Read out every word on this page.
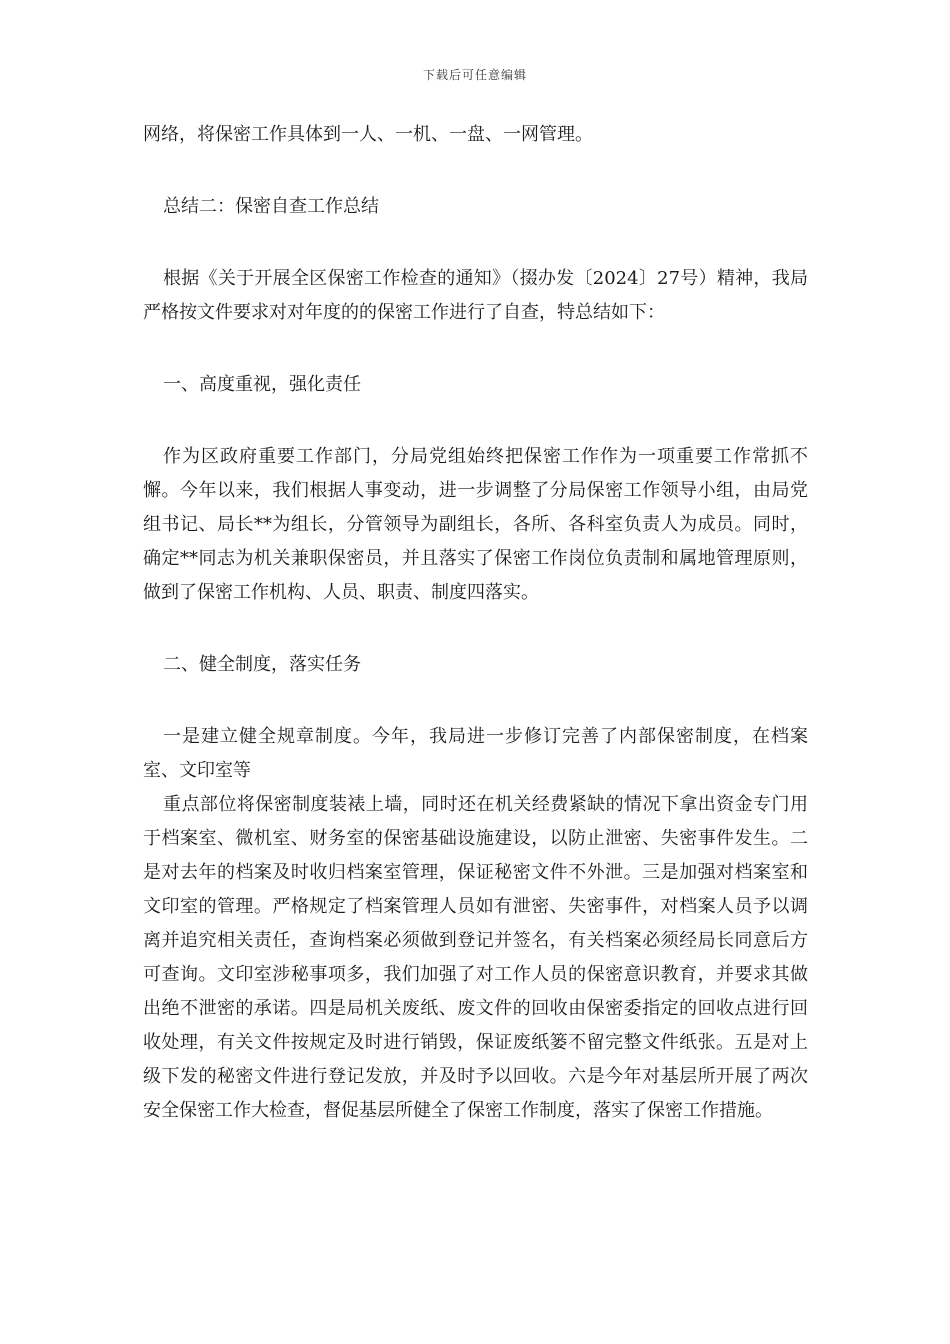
下载后可任意编辑

网络，将保密工作具体到一人、一机、一盘、一网管理。

总结二：保密自查工作总结

根据《关于开展全区保密工作检查的通知》（掇办发〔2024〕27号）精神，我局严格按文件要求对对年度的的保密工作进行了自查，特总结如下：

一、高度重视，强化责任

作为区政府重要工作部门，分局党组始终把保密工作作为一项重要工作常抓不懈。今年以来，我们根据人事变动，进一步调整了分局保密工作领导小组，由局党组书记、局长**为组长，分管领导为副组长，各所、各科室负责人为成员。同时，确定**同志为机关兼职保密员，并且落实了保密工作岗位负责制和属地管理原则，做到了保密工作机构、人员、职责、制度四落实。

二、健全制度，落实任务

一是建立健全规章制度。今年，我局进一步修订完善了内部保密制度，在档案室、文印室等

重点部位将保密制度装裱上墙，同时还在机关经费紧缺的情况下拿出资金专门用于档案室、微机室、财务室的保密基础设施建设，以防止泄密、失密事件发生。二是对去年的档案及时收归档案室管理，保证秘密文件不外泄。三是加强对档案室和文印室的管理。严格规定了档案管理人员如有泄密、失密事件，对档案人员予以调离并追究相关责任，查询档案必须做到登记并签名，有关档案必须经局长同意后方可查询。文印室涉秘事项多，我们加强了对工作人员的保密意识教育，并要求其做出绝不泄密的承诺。四是局机关废纸、废文件的回收由保密委指定的回收点进行回收处理，有关文件按规定及时进行销毁，保证废纸篓不留完整文件纸张。五是对上级下发的秘密文件进行登记发放，并及时予以回收。六是今年对基层所开展了两次安全保密工作大检查，督促基层所健全了保密工作制度，落实了保密工作措施。
